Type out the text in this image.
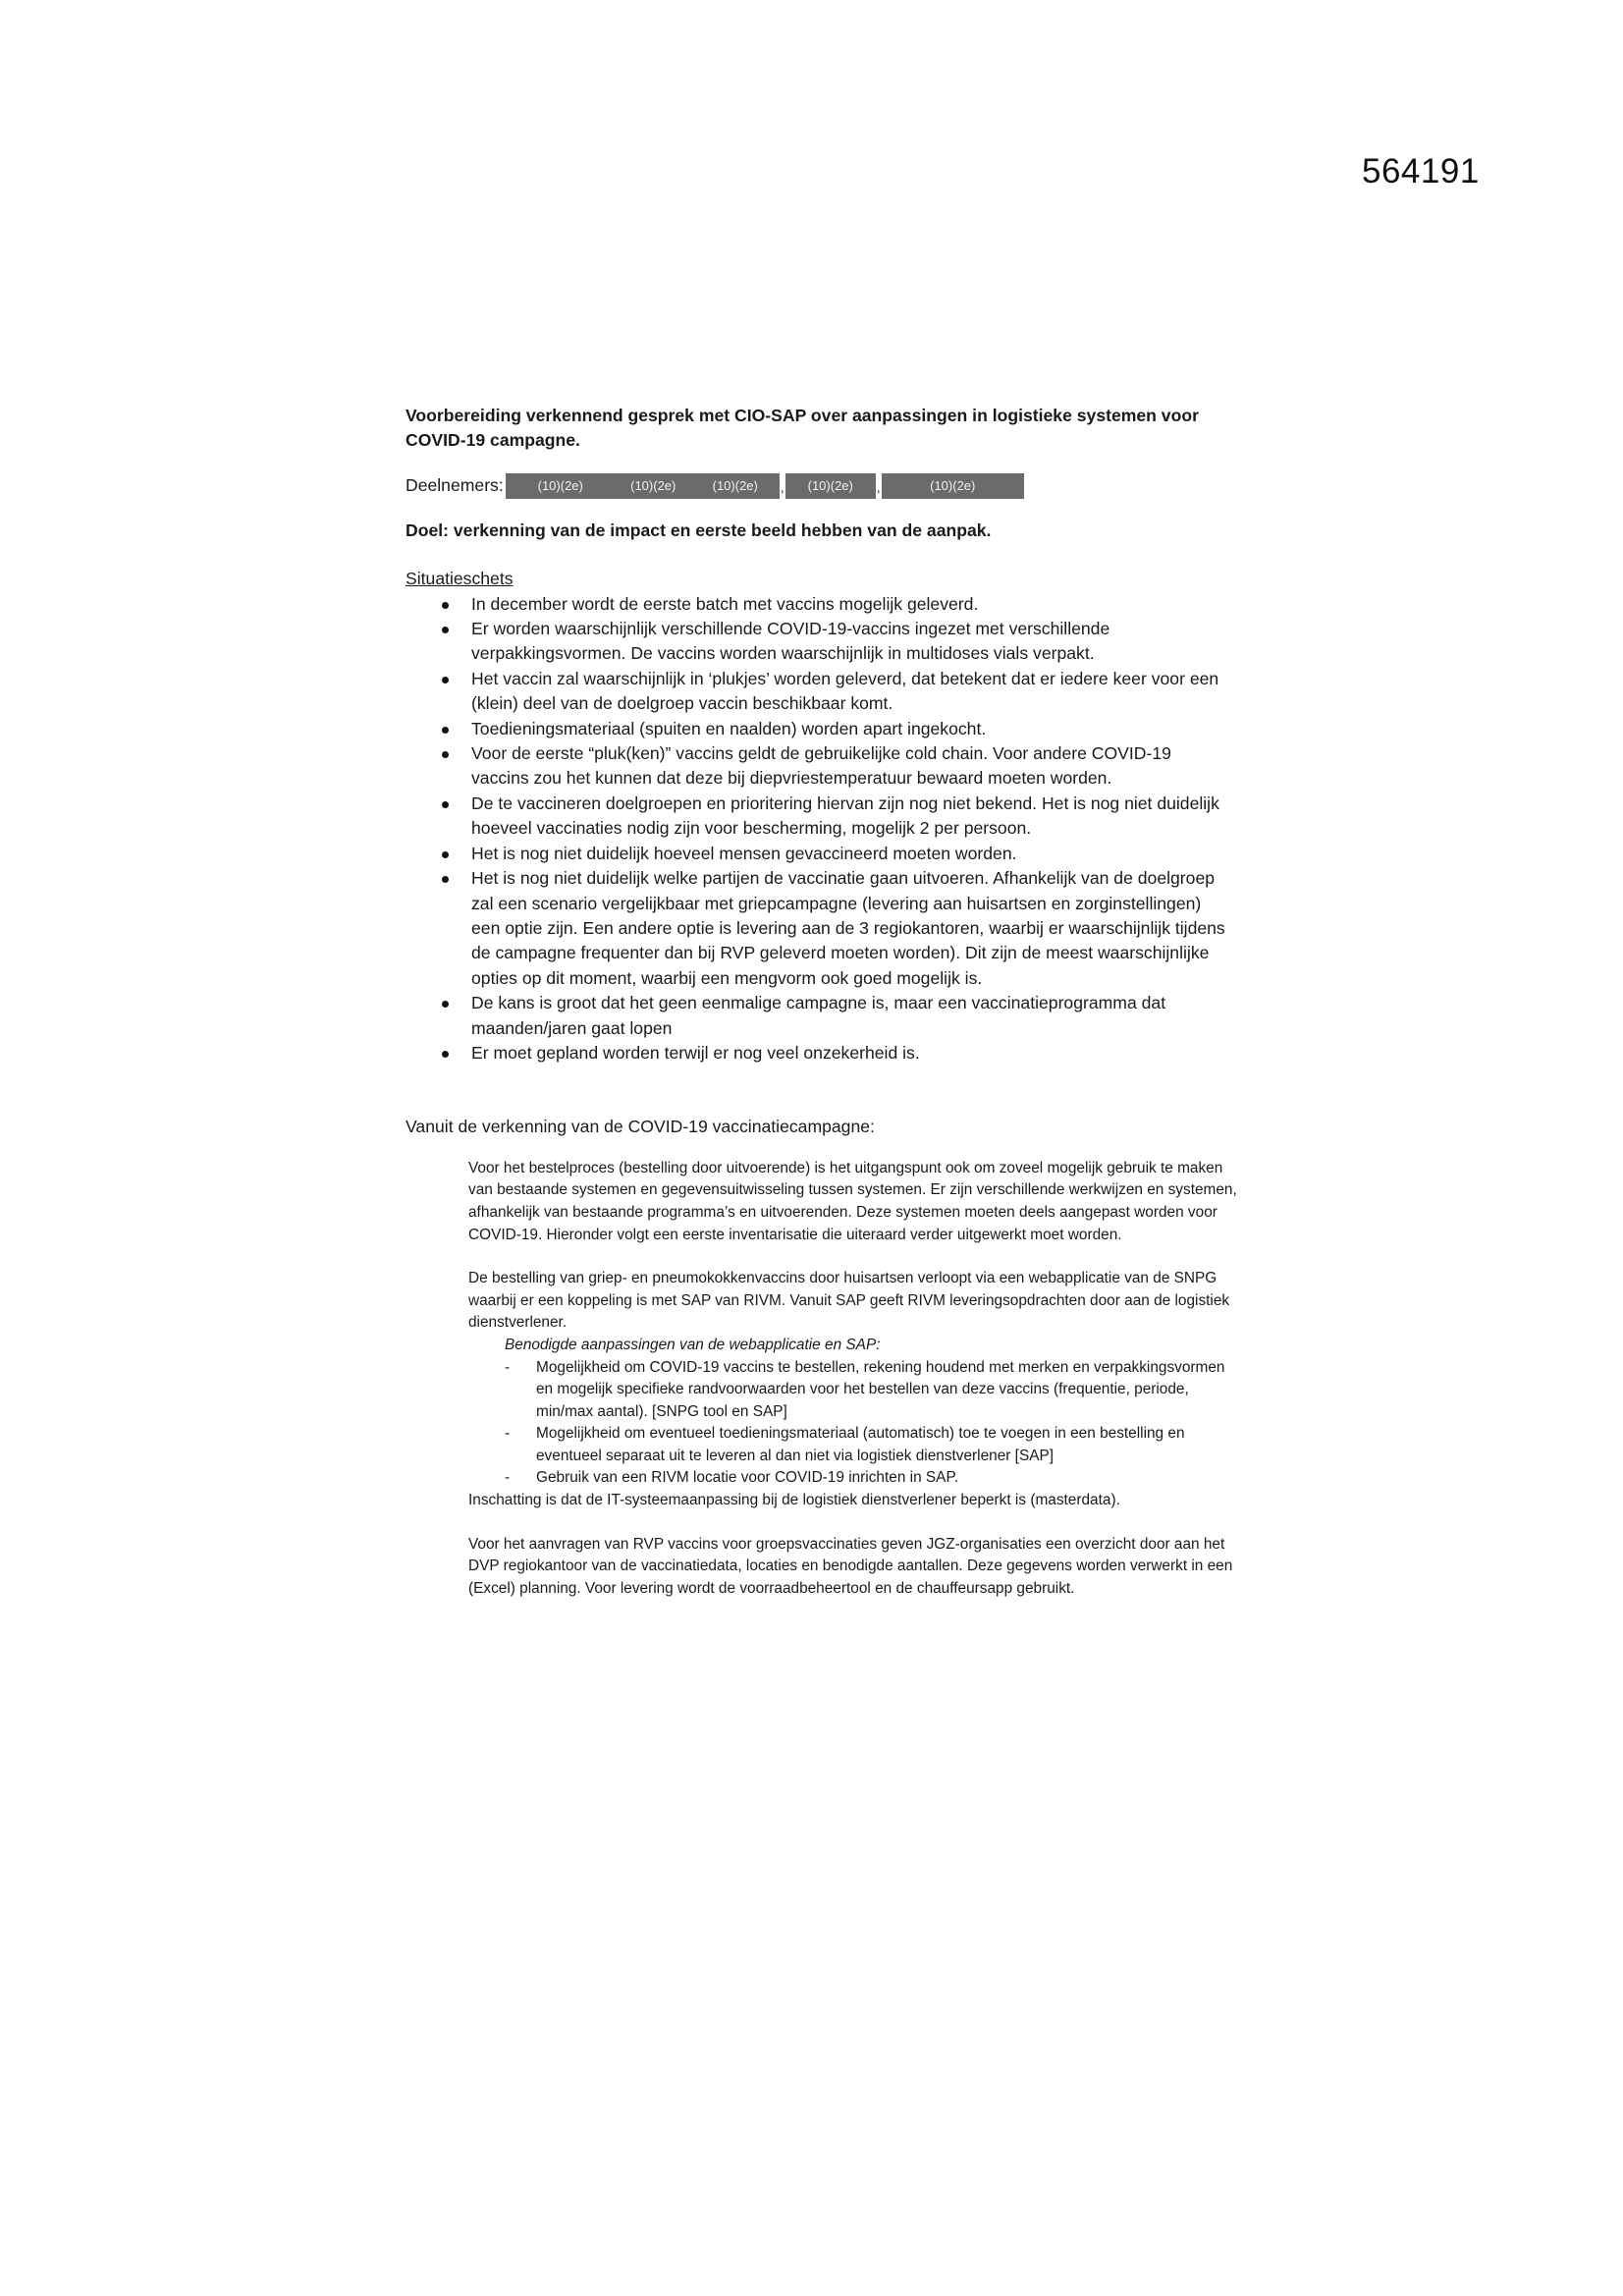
564191
Voorbereiding verkennend gesprek met CIO-SAP over aanpassingen in logistieke systemen voor COVID-19 campagne.
Deelnemers:	(10)(2e)	(10)(2e)	(10)(2e)	,	(10)(2e)	,	(10)(2e)
Doel: verkenning van de impact en eerste beeld hebben van de aanpak.
Situatieschets
In december wordt de eerste batch met vaccins mogelijk geleverd.
Er worden waarschijnlijk verschillende COVID-19-vaccins ingezet met verschillende verpakkingsvormen. De vaccins worden waarschijnlijk in multidoses vials verpakt.
Het vaccin zal waarschijnlijk in ‘plukjes’ worden geleverd, dat betekent dat er iedere keer voor een (klein) deel van de doelgroep vaccin beschikbaar komt.
Toedieningsmateriaal (spuiten en naalden) worden apart ingekocht.
Voor de eerste “pluk(ken)” vaccins geldt de gebruikelijke cold chain. Voor andere COVID-19 vaccins zou het kunnen dat deze bij diepvriestemperatuur bewaard moeten worden.
De te vaccineren doelgroepen en prioritering hiervan zijn nog niet bekend. Het is nog niet duidelijk hoeveel vaccinaties nodig zijn voor bescherming, mogelijk 2 per persoon.
Het is nog niet duidelijk hoeveel mensen gevaccineerd moeten worden.
Het is nog niet duidelijk welke partijen de vaccinatie gaan uitvoeren. Afhankelijk van de doelgroep zal een scenario vergelijkbaar met griepcampagne (levering aan huisartsen en zorginstellingen) een optie zijn. Een andere optie is levering aan de 3 regiokantoren, waarbij er waarschijnlijk tijdens de campagne frequenter dan bij RVP geleverd moeten worden). Dit zijn de meest waarschijnlijke opties op dit moment, waarbij een mengvorm ook goed mogelijk is.
De kans is groot dat het geen eenmalige campagne is, maar een vaccinatieprogramma dat maanden/jaren gaat lopen
Er moet gepland worden terwijl er nog veel onzekerheid is.
Vanuit de verkenning van de COVID-19 vaccinatiecampagne:

Voor het bestelproces (bestelling door uitvoerende) is het uitgangspunt ook om zoveel mogelijk gebruik te maken van bestaande systemen en gegevensuitwisseling tussen systemen. Er zijn verschillende werkwijzen en systemen, afhankelijk van bestaande programma’s en uitvoerenden. Deze systemen moeten deels aangepast worden voor COVID-19. Hieronder volgt een eerste inventarisatie die uiteraard verder uitgewerkt moet worden.

De bestelling van griep- en pneumokokkenvaccins door huisartsen verloopt via een webapplicatie van de SNPG waarbij er een koppeling is met SAP van RIVM. Vanuit SAP geeft RIVM leveringsopdrachten door aan de logistiek dienstverlener.

Benodigde aanpassingen van de webapplicatie en SAP:
- Mogelijkheid om COVID-19 vaccins te bestellen, rekening houdend met merken en verpakkingsvormen en mogelijk specifieke randvoorwaarden voor het bestellen van deze vaccins (frequentie, periode, min/max aantal). [SNPG tool en SAP]
- Mogelijkheid om eventueel toedieningsmateriaal (automatisch) toe te voegen in een bestelling en eventueel separaat uit te leveren al dan niet via logistiek dienstverlener [SAP]
- Gebruik van een RIVM locatie voor COVID-19 inrichten in SAP.

Inschatting is dat de IT-systeemaanpassing bij de logistiek dienstverlener beperkt is (masterdata).

Voor het aanvragen van RVP vaccins voor groepsvaccinaties geven JGZ-organisaties een overzicht door aan het DVP regiokantoor van de vaccinatiedata, locaties en benodigde aantallen. Deze gegevens worden verwerkt in een (Excel) planning. Voor levering wordt de voorraadbeheertool en de chauffeursapp gebruikt.
